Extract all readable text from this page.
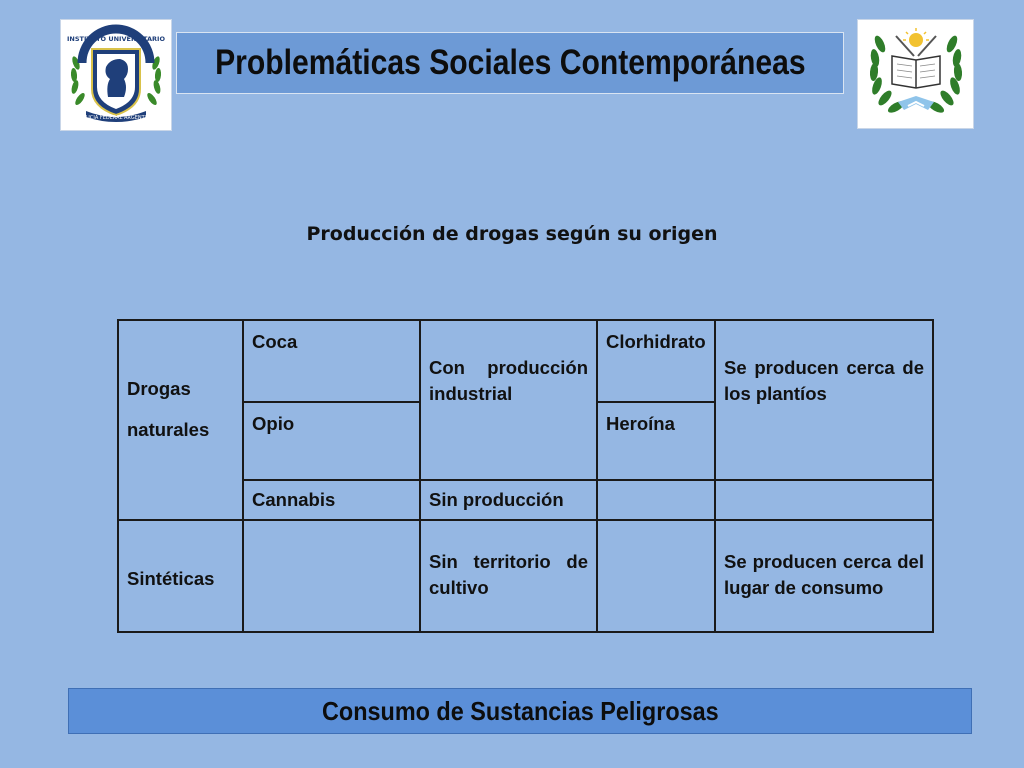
POLICIA FEDERAL ARGENTINA
INSTITUTO UNIVERSITARIO
Problemáticas Sociales Contemporáneas
Producción de drogas según su origen
Drogas
naturales	Coca	Con producción industrial	Clorhidrato	Se producen cerca de los plantíos
	Opio		Heroína	
	Cannabis	Sin producción		
Sintéticas		Sin territorio de cultivo		Se producen cerca del lugar de consumo
Consumo de Sustancias Peligrosas
